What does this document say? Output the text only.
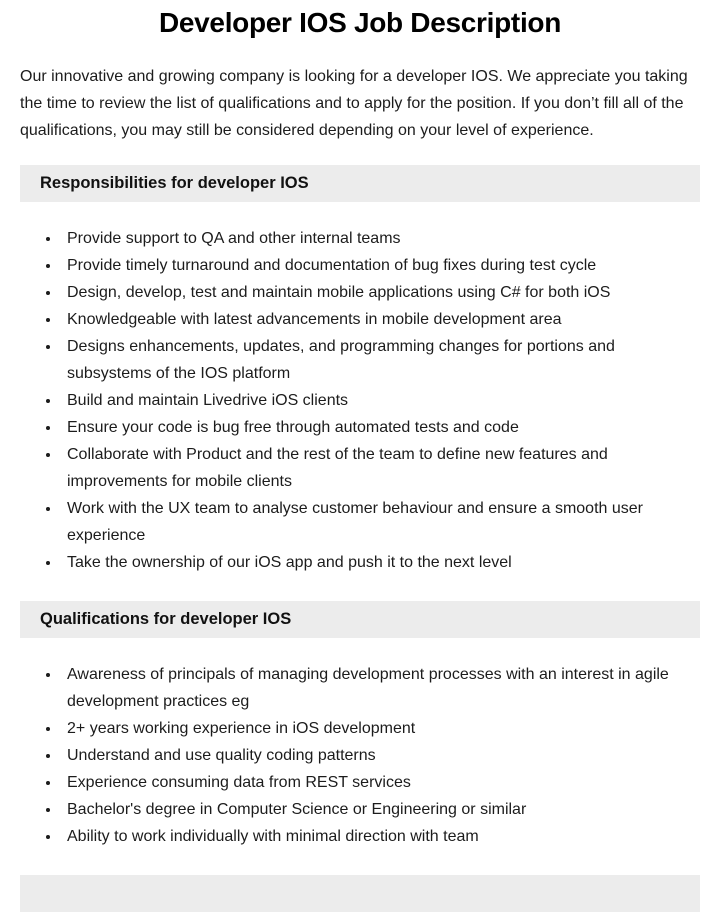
Developer IOS Job Description

Our innovative and growing company is looking for a developer IOS. We appreciate you taking the time to review the list of qualifications and to apply for the position. If you don’t fill all of the qualifications, you may still be considered depending on your level of experience.

Responsibilities for developer IOS
• Provide support to QA and other internal teams
• Provide timely turnaround and documentation of bug fixes during test cycle
• Design, develop, test and maintain mobile applications using C# for both iOS
• Knowledgeable with latest advancements in mobile development area
• Designs enhancements, updates, and programming changes for portions and subsystems of the IOS platform
• Build and maintain Livedrive iOS clients
• Ensure your code is bug free through automated tests and code
• Collaborate with Product and the rest of the team to define new features and improvements for mobile clients
• Work with the UX team to analyse customer behaviour and ensure a smooth user experience
• Take the ownership of our iOS app and push it to the next level
Qualifications for developer IOS
• Awareness of principals of managing development processes with an interest in agile development practices eg
• 2+ years working experience in iOS development
• Understand and use quality coding patterns
• Experience consuming data from REST services
• Bachelor's degree in Computer Science or Engineering or similar
• Ability to work individually with minimal direction with team
